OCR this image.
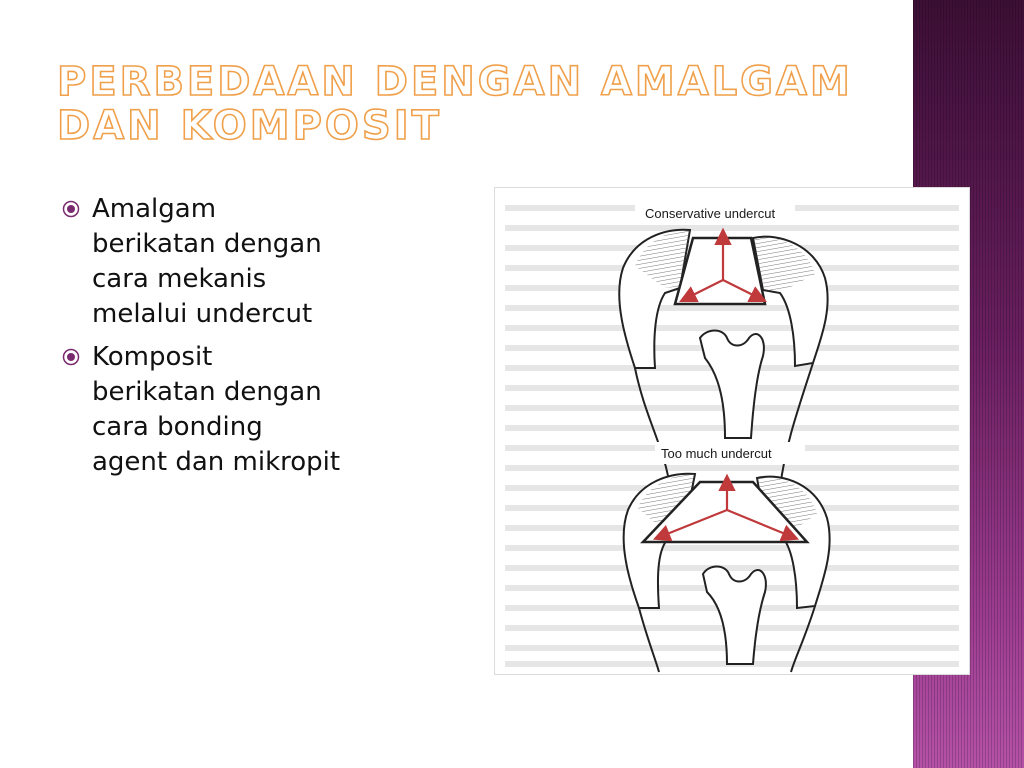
PERBEDAAN DENGAN AMALGAM
DAN KOMPOSIT
Amalgam
berikatan dengan
cara mekanis
melalui undercut
Komposit
berikatan dengan
cara bonding
agent dan mikropit
Conservative undercut
Too much undercut
